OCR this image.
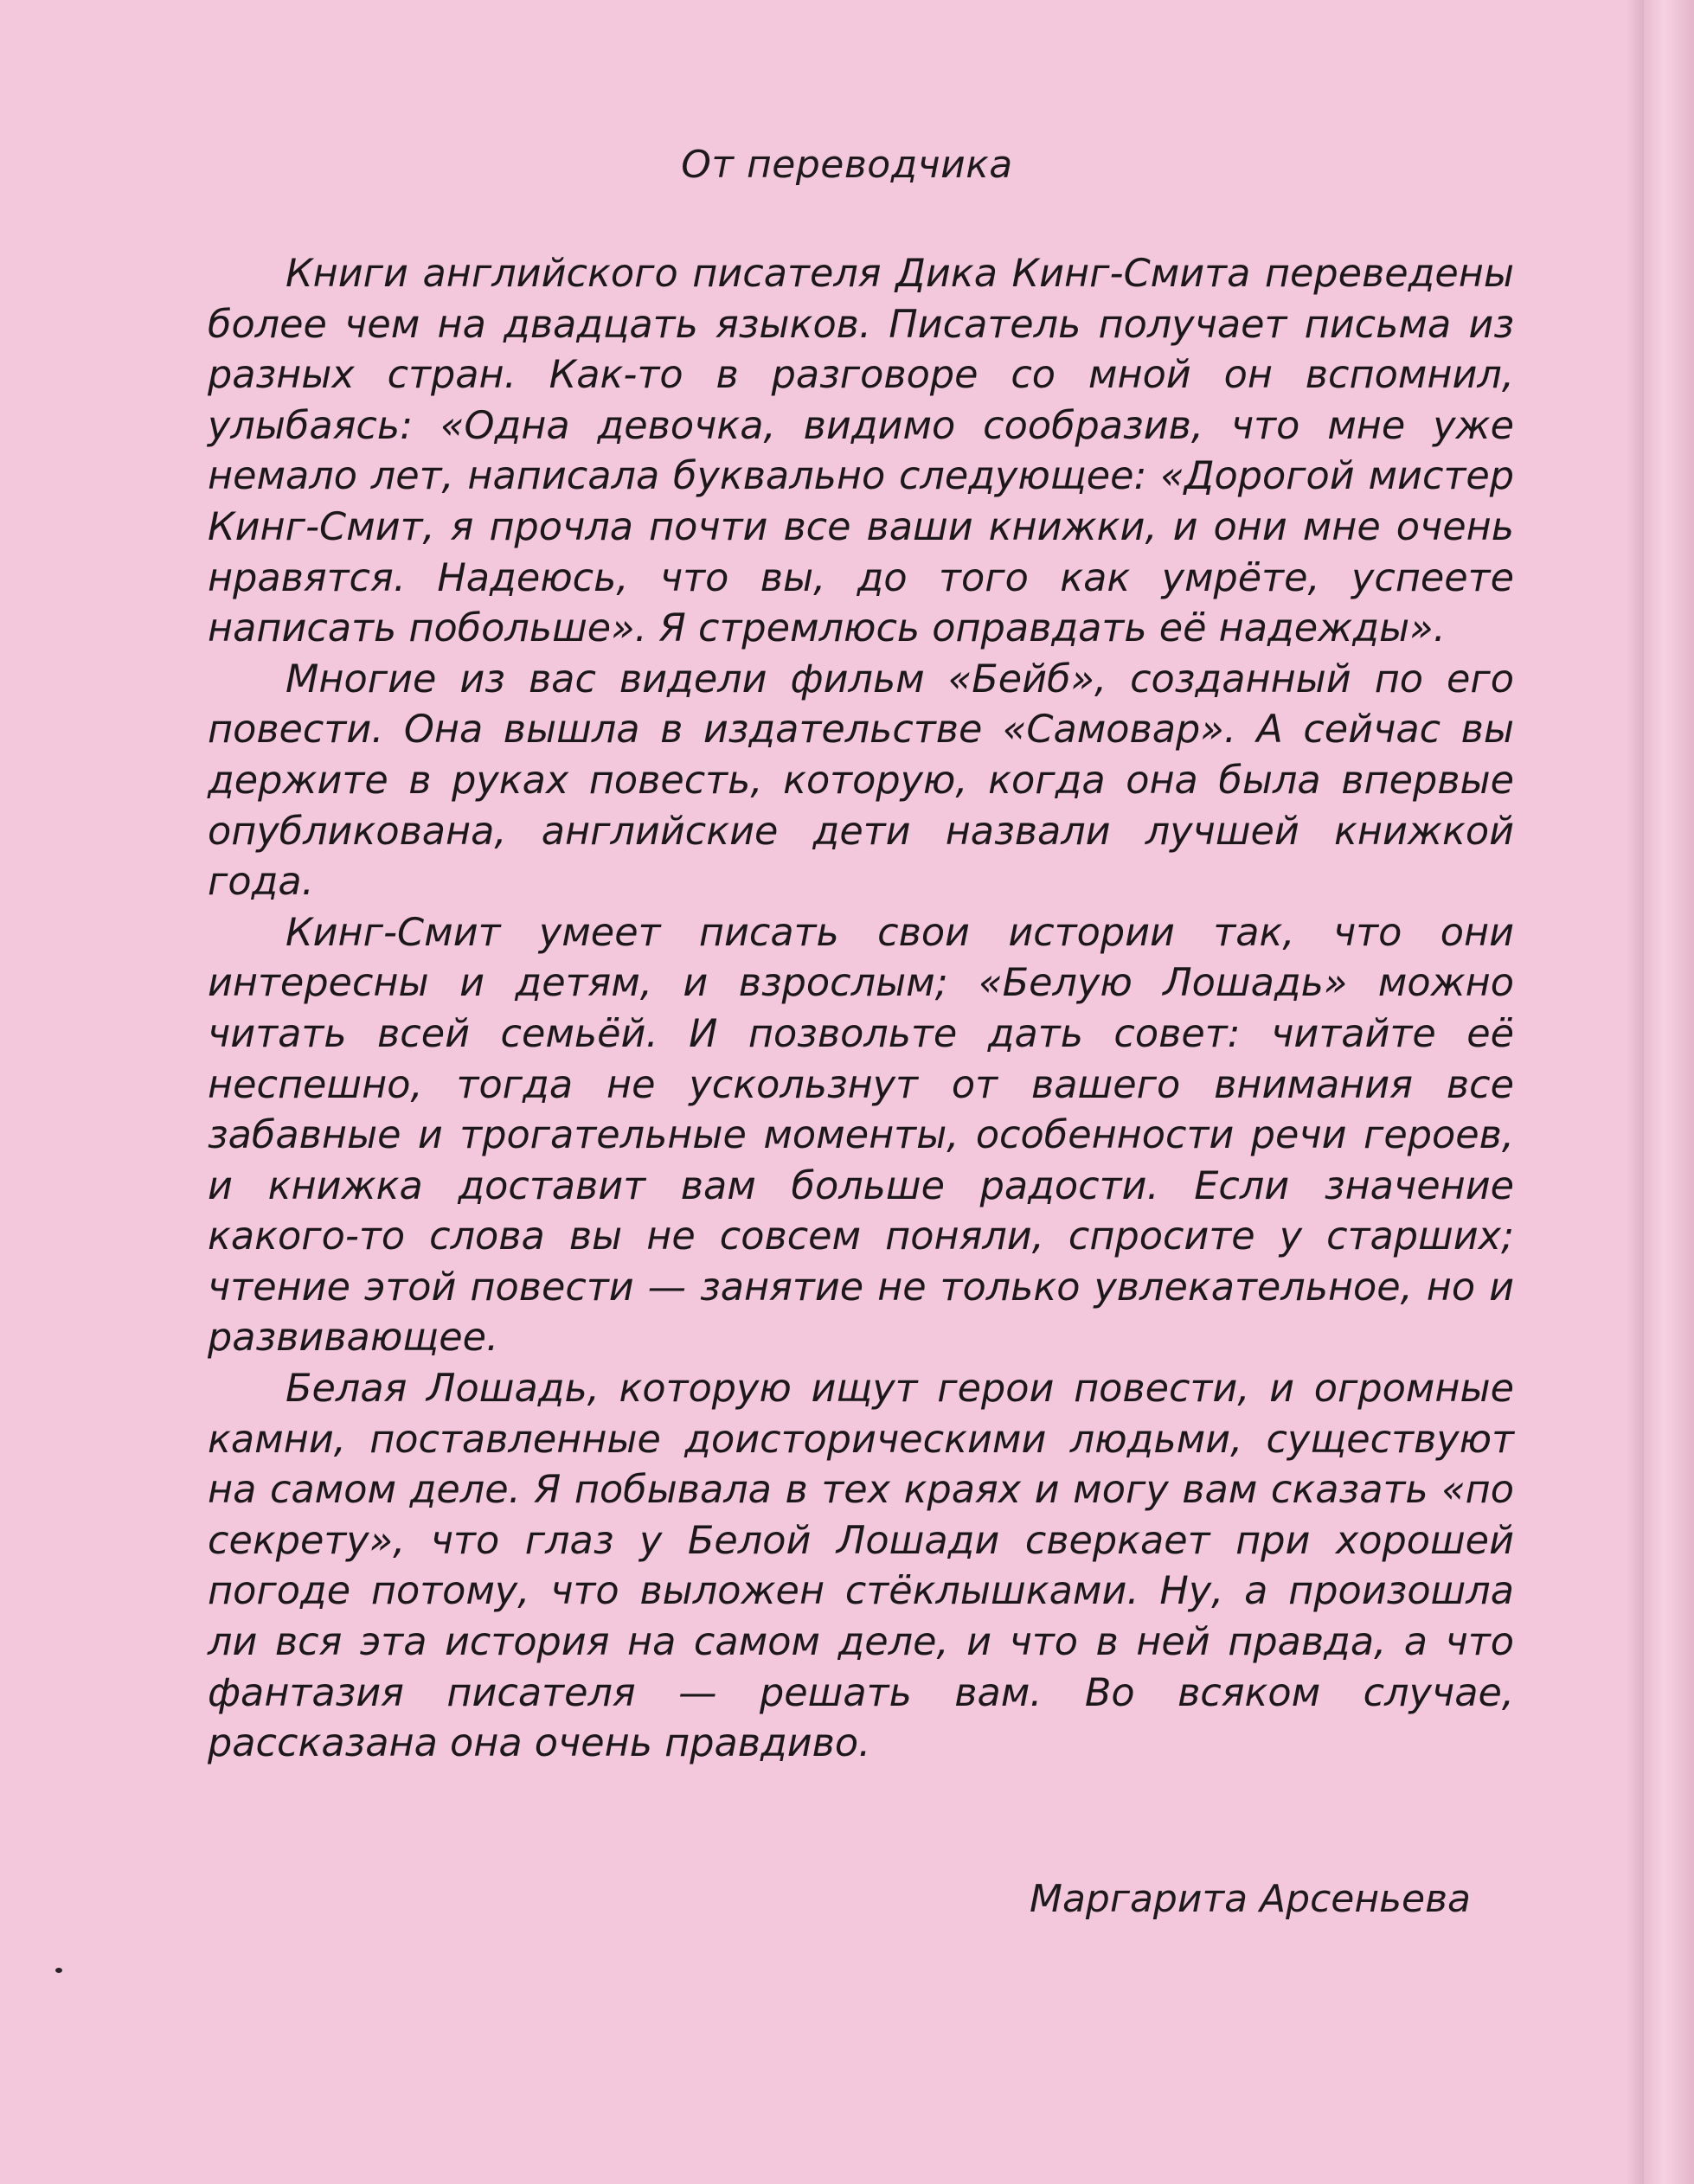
От переводчика

Книги английского писателя Дика Кинг-Смита переведены более чем на двадцать языков. Писатель получает письма из разных стран. Как-то в разговоре со мной он вспомнил, улыбаясь: «Одна девочка, видимо сообразив, что мне уже немало лет, написала буквально следующее: «Дорогой мистер Кинг-Смит, я прочла почти все ваши книжки, и они мне очень нравятся. Надеюсь, что вы, до того как умрёте, успеете написать побольше». Я стремлюсь оправдать её надежды».

Многие из вас видели фильм «Бейб», созданный по его повести. Она вышла в издательстве «Самовар». А сейчас вы держите в руках повесть, которую, когда она была впервые опубликована, английские дети назвали лучшей книжкой года.

Кинг-Смит умеет писать свои истории так, что они интересны и детям, и взрослым; «Белую Лошадь» можно читать всей семьёй. И позвольте дать совет: читайте её неспешно, тогда не ускользнут от вашего внимания все забавные и трогательные моменты, особенности речи героев, и книжка доставит вам больше радости. Если значение какого-то слова вы не совсем поняли, спросите у старших; чтение этой повести — занятие не только увлекательное, но и развивающее.

Белая Лошадь, которую ищут герои повести, и огромные камни, поставленные доисторическими людьми, существуют на самом деле. Я побывала в тех краях и могу вам сказать «по секрету», что глаз у Белой Лошади сверкает при хорошей погоде потому, что выложен стёклышками. Ну, а произошла ли вся эта история на самом деле, и что в ней правда, а что фантазия писателя — решать вам. Во всяком случае, рассказана она очень правдиво.

Маргарита Арсеньева
